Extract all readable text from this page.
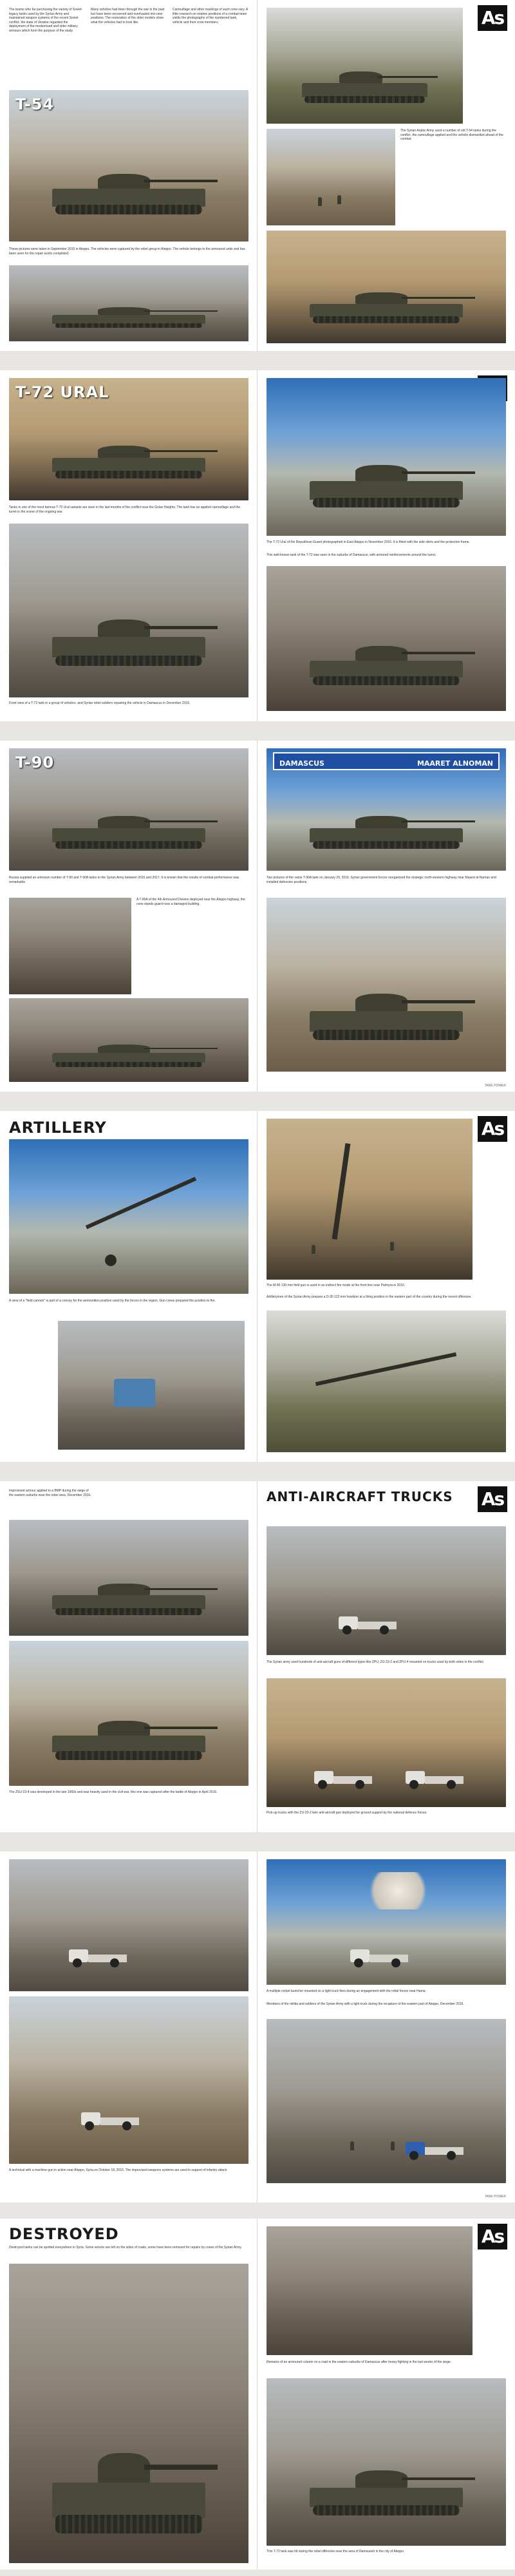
The teams who far purchasing the variety of Soviet-legacy tanks used by the Syrian Army and maintained weapon systems of the recent Soviet conflict, the state of Ukraine regarded the deployment of the modernised and older military armours which form the purpose of the study.
Many vehicles had been through the war in the past but have been recovered and overhauled into new positions. The restoration of the older models show what the vehicles had to look like.
Camouflage and other markings of each crew vary. A little research on relative positions of a combat team yields the photographs of the numbered tank, vehicle and their crew members.
T-54
These pictures were taken in September 2015 in Aleppo. The vehicles were captured by the rebel group in Aleppo. The vehicle belongs to the armoured units and has been seen for the repair works completed.
As
The Syrian Arabic Army used a number of old T-54 tanks during the conflict, the camouflage applied and the vehicle dismantled ahead of the combat.
T-72 URAL
Tanks in one of the most famous T-72 Ural variants are seen in the last months of the conflict near the Golan Heights. The tank has an applied camouflage and the turret in the scene of the ongoing war.
Front view of a T-72 tank in a group of vehicles, and Syrian rebel soldiers repairing the vehicle in Damascus in December 2016.
The T-72 Ural of the Republican Guard photographed in East Aleppo in November 2016. It is fitted with the side skirts and the protection frame.
This well-known tank of the T-72 was seen in the suburbs of Damascus, with armored reinforcements around the turret.
T-90
Russia supplied an unknown number of T-90 and T-90A tanks to the Syrian Army between 2015 and 2017. It is known that the results of combat performance was remarkable.
A T-90A of the 4th Armoured Division deployed near the Aleppo highway, the crew stands guard near a damaged building.
DAMASCUS	MAARET ALNOMAN
Two pictures of the same T-90A tank on January 29, 2016. Syrian government forces reorganized the strategic north-western highway near Maaret al-Numan and installed defensive positions.
TANK POWER
ARTILLERY
A view of a "field cannon" is part of a convoy for the ammunition position used by the forces in the region. Gun crews prepared the position to fire.
As
The M-46 130 mm field gun is used in an indirect fire mode at the front line near Palmyra in 2016.
Artillerymen of the Syrian Army prepare a D-30 122 mm howitzer at a firing position in the eastern part of the country during the recent offensive.
Improvised armour applied to a BMP during the siege of the eastern suburbs near the rebel area, December 2016.
The ZSU-23-4 was developed in the late 1960s and was heavily used in the civil war, this one was captured after the battle of Aleppo in April 2016.
As
ANTI-AIRCRAFT TRUCKS
The Syrian army used hundreds of anti-aircraft guns of different types like ZPU, ZU-23-2 and ZPU-4 mounted on trucks used by both sides in the conflict.
Pick-up trucks with the ZU-23-2 twin anti-aircraft gun deployed for ground support by the national defence forces.
A technical with a machine gun in action near Aleppo, Syria on October 18, 2016. The improvised weapons systems are used in support of infantry attack.
A multiple rocket launcher mounted on a light truck fires during an engagement with the rebel forces near Hama.
Members of the militia and soldiers of the Syrian Army with a light truck during the recapture of the eastern part of Aleppo, December 2016.
TANK POWER
DESTROYED
Destroyed tanks can be spotted everywhere in Syria. Some wrecks are left on the sides of roads, some have been removed for repairs by crews of the Syrian Army.
As
Remains of an armoured column on a road in the eastern suburbs of Damascus after heavy fighting in the last weeks of the siege.
This T-72 tank was hit during the rebel offensive near the area of Ramouseh in the city of Aleppo.
